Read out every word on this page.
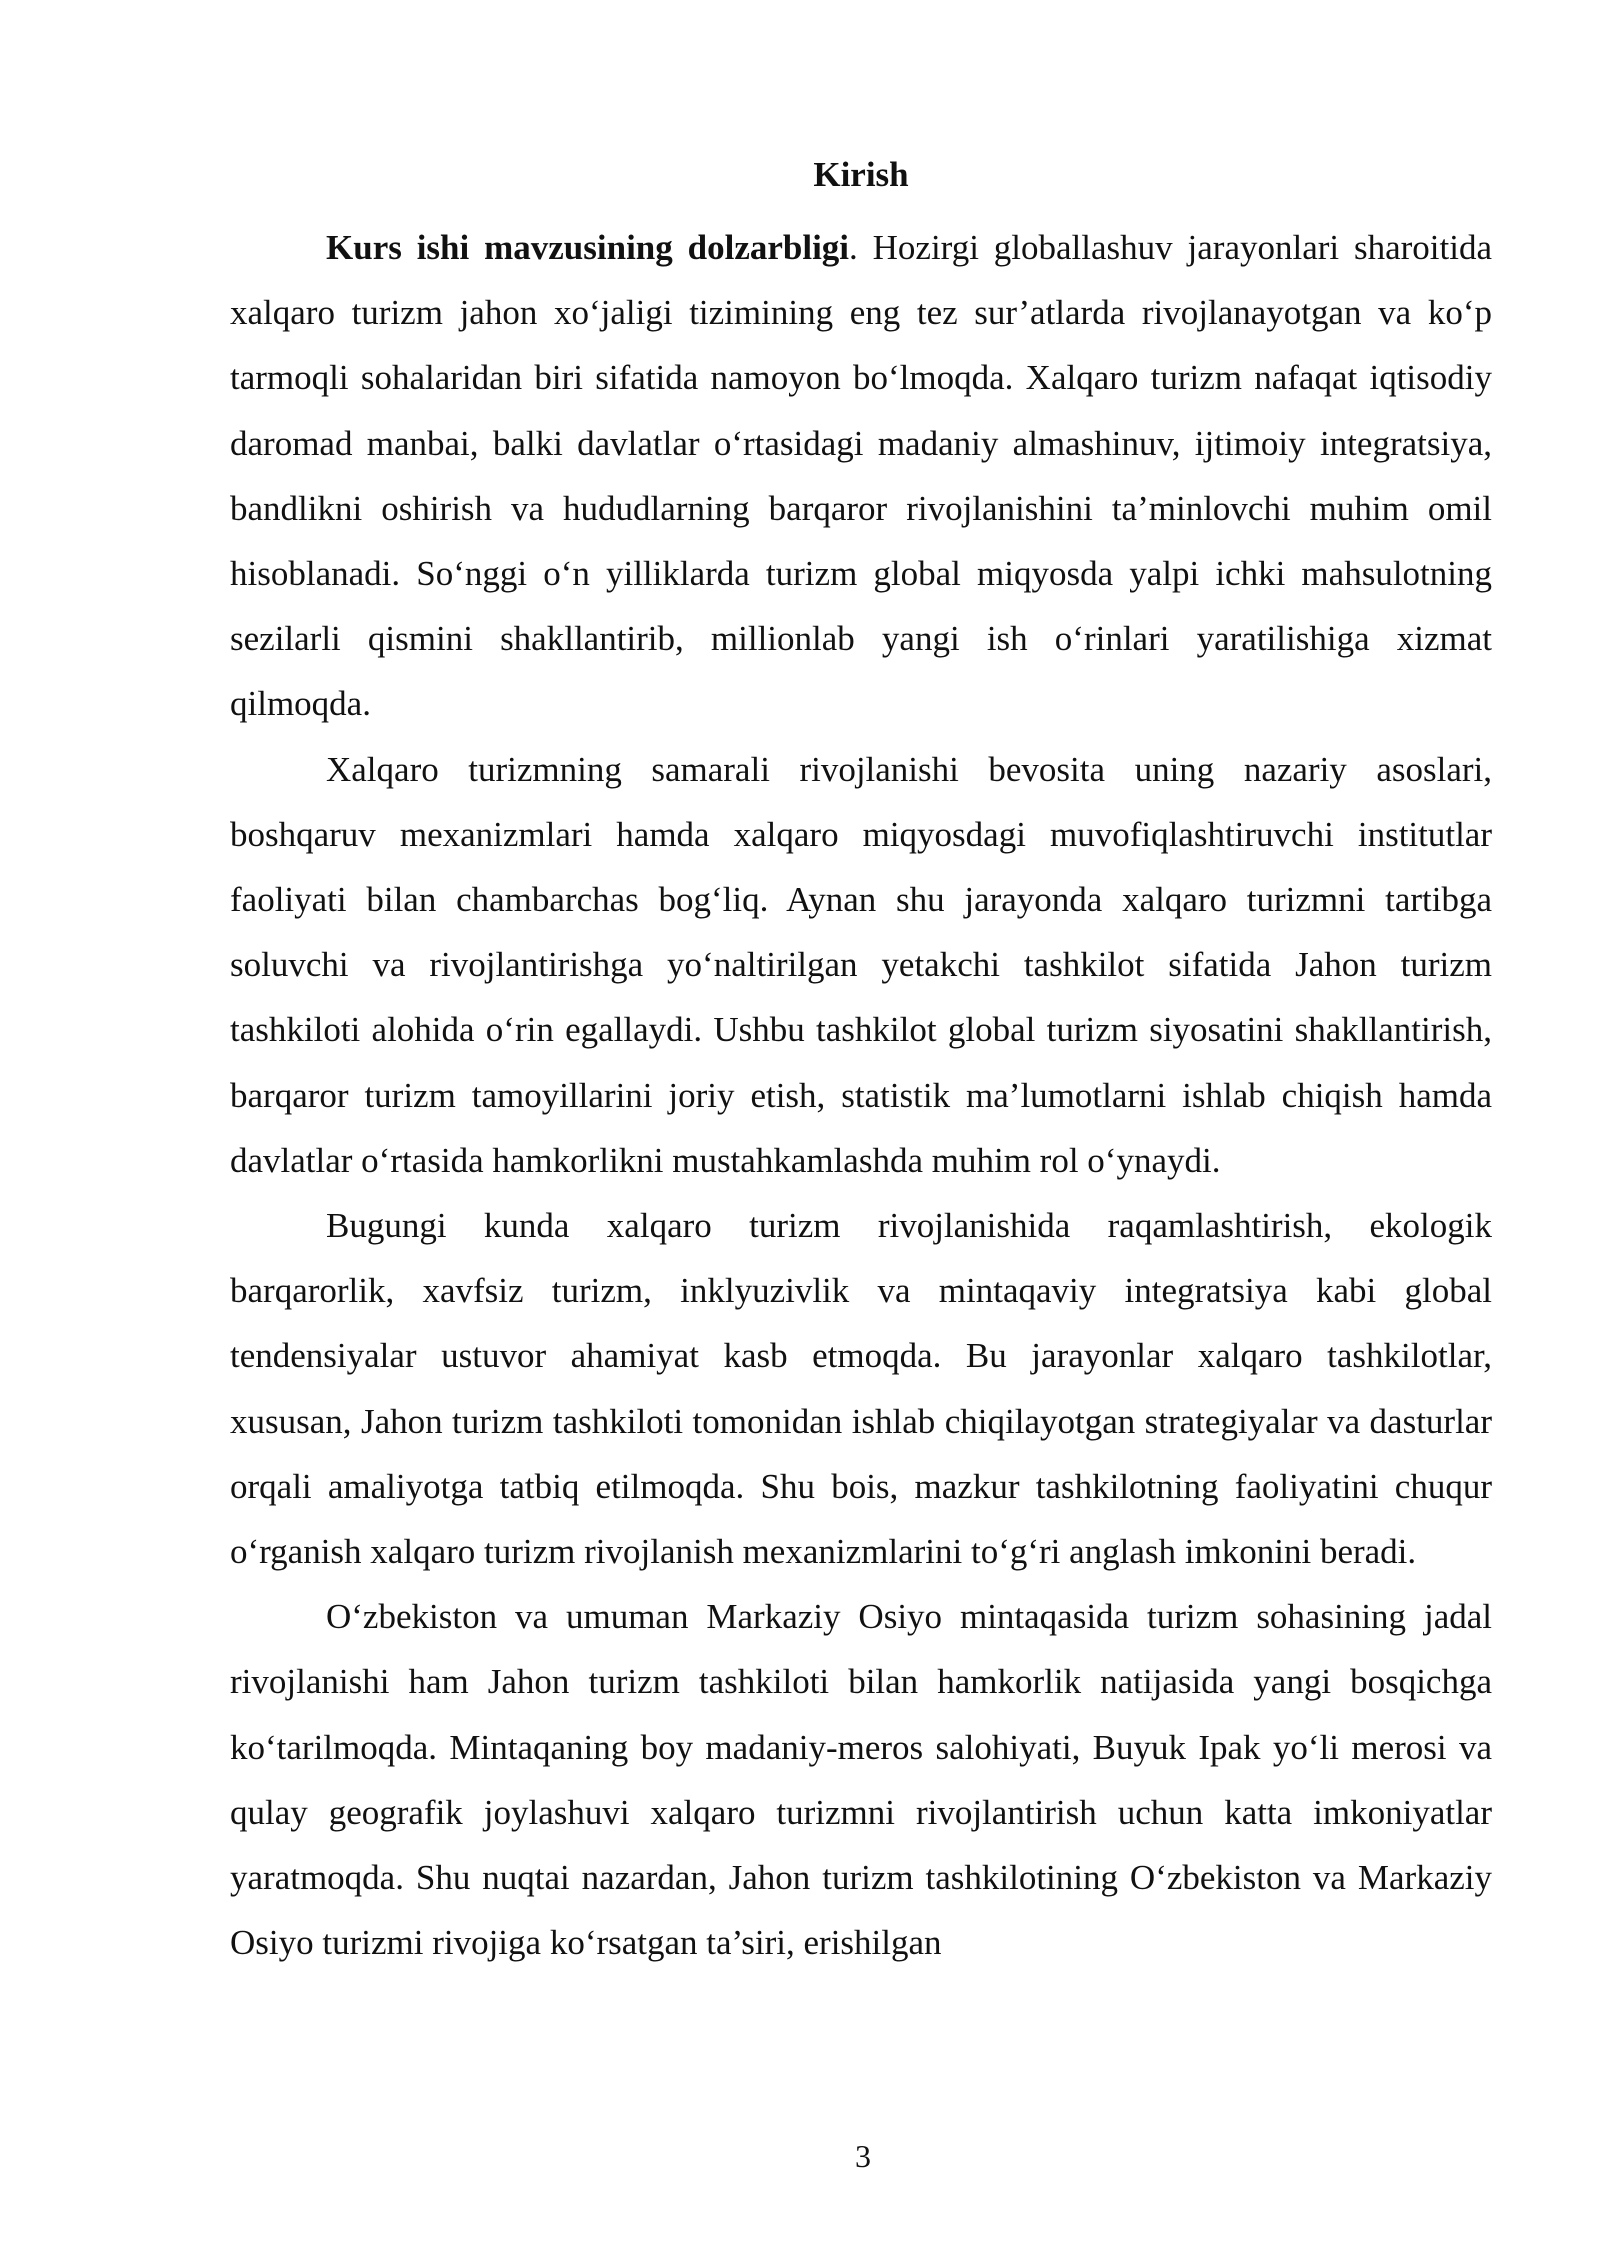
Kirish

Kurs ishi mavzusining dolzarbligi. Hozirgi globallashuv jarayonlari sharoitida xalqaro turizm jahon xo‘jaligi tizimining eng tez sur’atlarda rivojlanayotgan va ko‘p tarmoqli sohalaridan biri sifatida namoyon bo‘lmoqda. Xalqaro turizm nafaqat iqtisodiy daromad manbai, balki davlatlar o‘rtasidagi madaniy almashinuv, ijtimoiy integratsiya, bandlikni oshirish va hududlarning barqaror rivojlanishini ta’minlovchi muhim omil hisoblanadi. So‘nggi o‘n yilliklarda turizm global miqyosda yalpi ichki mahsulotning sezilarli qismini shakllantirib, millionlab yangi ish o‘rinlari yaratilishiga xizmat qilmoqda.

Xalqaro turizmning samarali rivojlanishi bevosita uning nazariy asoslari, boshqaruv mexanizmlari hamda xalqaro miqyosdagi muvofiqlashtiruvchi institutlar faoliyati bilan chambarchas bog‘liq. Aynan shu jarayonda xalqaro turizmni tartibga soluvchi va rivojlantirishga yo‘naltirilgan yetakchi tashkilot sifatida Jahon turizm tashkiloti alohida o‘rin egallaydi. Ushbu tashkilot global turizm siyosatini shakllantirish, barqaror turizm tamoyillarini joriy etish, statistik ma’lumotlarni ishlab chiqish hamda davlatlar o‘rtasida hamkorlikni mustahkamlashda muhim rol o‘ynaydi.

Bugungi kunda xalqaro turizm rivojlanishida raqamlashtirish, ekologik barqarorlik, xavfsiz turizm, inklyuzivlik va mintaqaviy integratsiya kabi global tendensiyalar ustuvor ahamiyat kasb etmoqda. Bu jarayonlar xalqaro tashkilotlar, xususan, Jahon turizm tashkiloti tomonidan ishlab chiqilayotgan strategiyalar va dasturlar orqali amaliyotga tatbiq etilmoqda. Shu bois, mazkur tashkilotning faoliyatini chuqur o‘rganish xalqaro turizm rivojlanish mexanizmlarini to‘g‘ri anglash imkonini beradi.

O‘zbekiston va umuman Markaziy Osiyo mintaqasida turizm sohasining jadal rivojlanishi ham Jahon turizm tashkiloti bilan hamkorlik natijasida yangi bosqichga ko‘tarilmoqda. Mintaqaning boy madaniy-meros salohiyati, Buyuk Ipak yo‘li merosi va qulay geografik joylashuvi xalqaro turizmni rivojlantirish uchun katta imkoniyatlar yaratmoqda. Shu nuqtai nazardan, Jahon turizm tashkilotining O‘zbekiston va Markaziy Osiyo turizmi rivojiga ko‘rsatgan ta’siri, erishilgan

3
